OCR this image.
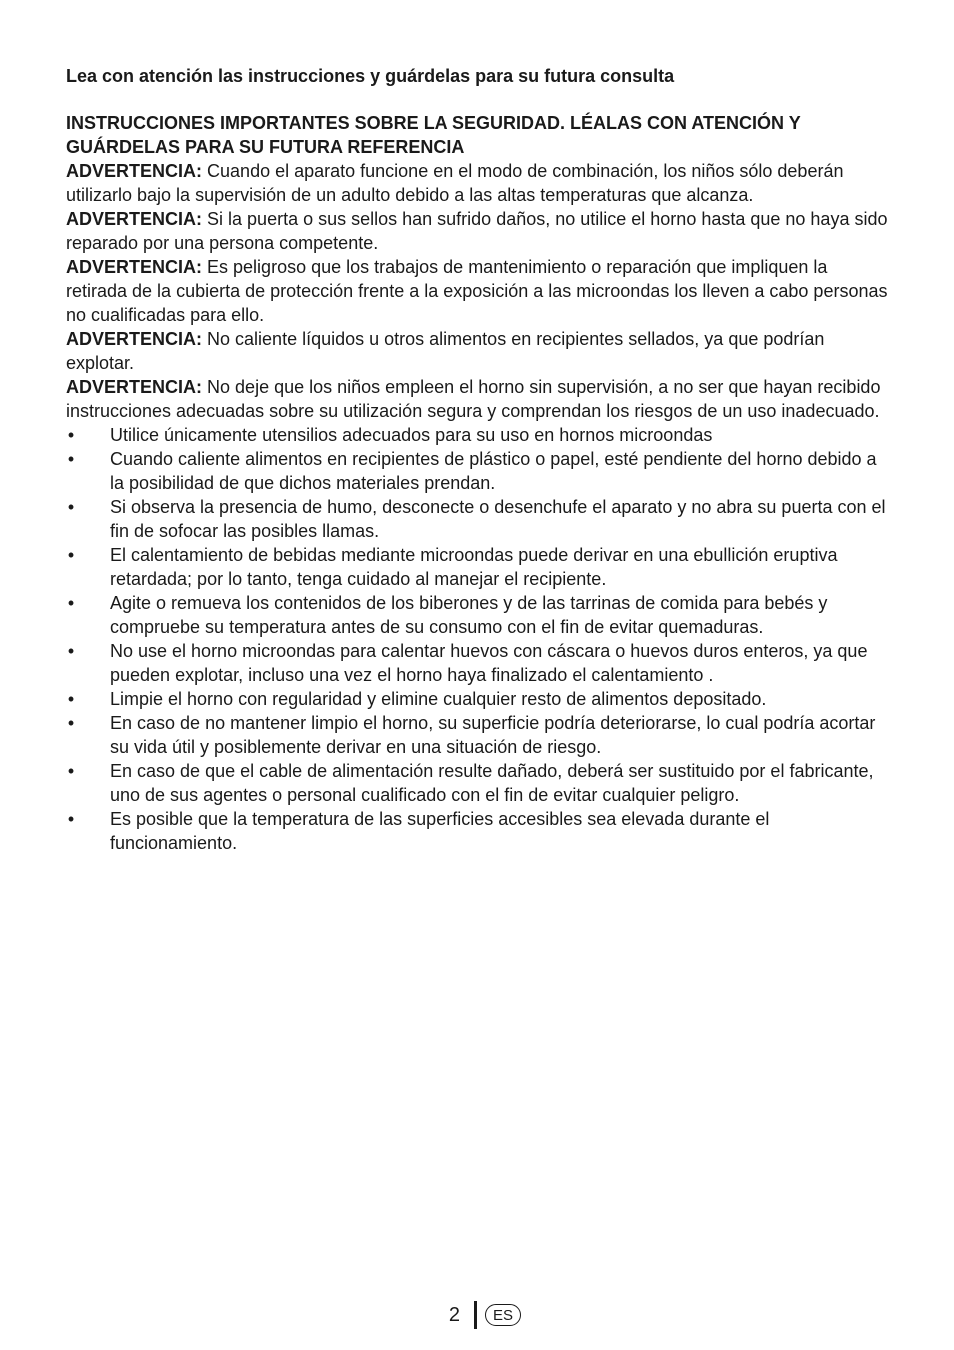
Lea con atención las instrucciones y guárdelas para su futura consulta

INSTRUCCIONES IMPORTANTES SOBRE LA SEGURIDAD. LÉALAS CON ATENCIÓN Y GUÁRDELAS PARA SU FUTURA REFERENCIA

ADVERTENCIA: Cuando el aparato funcione en el modo de combinación, los niños sólo deberán utilizarlo bajo la supervisión de un adulto debido a las altas temperaturas que alcanza.

ADVERTENCIA: Si la puerta o sus sellos han sufrido daños, no utilice el horno hasta que no haya sido reparado por una persona competente.

ADVERTENCIA: Es peligroso que los trabajos de mantenimiento o reparación que impliquen la retirada de la cubierta de protección frente a la exposición a las microondas los lleven a cabo personas no cualificadas para ello.

ADVERTENCIA: No caliente líquidos u otros alimentos en recipientes sellados, ya que podrían explotar.

ADVERTENCIA: No deje que los niños empleen el horno sin supervisión, a no ser que hayan recibido instrucciones adecuadas sobre su utilización segura y comprendan los riesgos de un uso inadecuado.

• Utilice únicamente utensilios adecuados para su uso en hornos microondas
• Cuando caliente alimentos en recipientes de plástico o papel, esté pendiente del horno debido a la posibilidad de que dichos materiales prendan.
• Si observa la presencia de humo, desconecte o desenchufe el aparato y no abra su puerta con el fin de sofocar las posibles llamas.
• El calentamiento de bebidas mediante microondas puede derivar en una ebullición eruptiva retardada; por lo tanto, tenga cuidado al manejar el recipiente.
• Agite o remueva los contenidos de los biberones y de las tarrinas de comida para bebés y compruebe su temperatura antes de su consumo con el fin de evitar quemaduras.
• No use el horno microondas para calentar huevos con cáscara o huevos duros enteros, ya que pueden explotar, incluso una vez el horno haya finalizado el calentamiento .
• Limpie el horno con regularidad y elimine cualquier resto de alimentos depositado.
• En caso de no mantener limpio el horno, su superficie podría deteriorarse, lo cual podría acortar su vida útil y posiblemente derivar en una situación de riesgo.
• En caso de que el cable de alimentación resulte dañado, deberá ser sustituido por el fabricante, uno de sus agentes o personal cualificado con el fin de evitar cualquier peligro.
• Es posible que la temperatura de las superficies accesibles sea elevada durante el funcionamiento.
2	ES
